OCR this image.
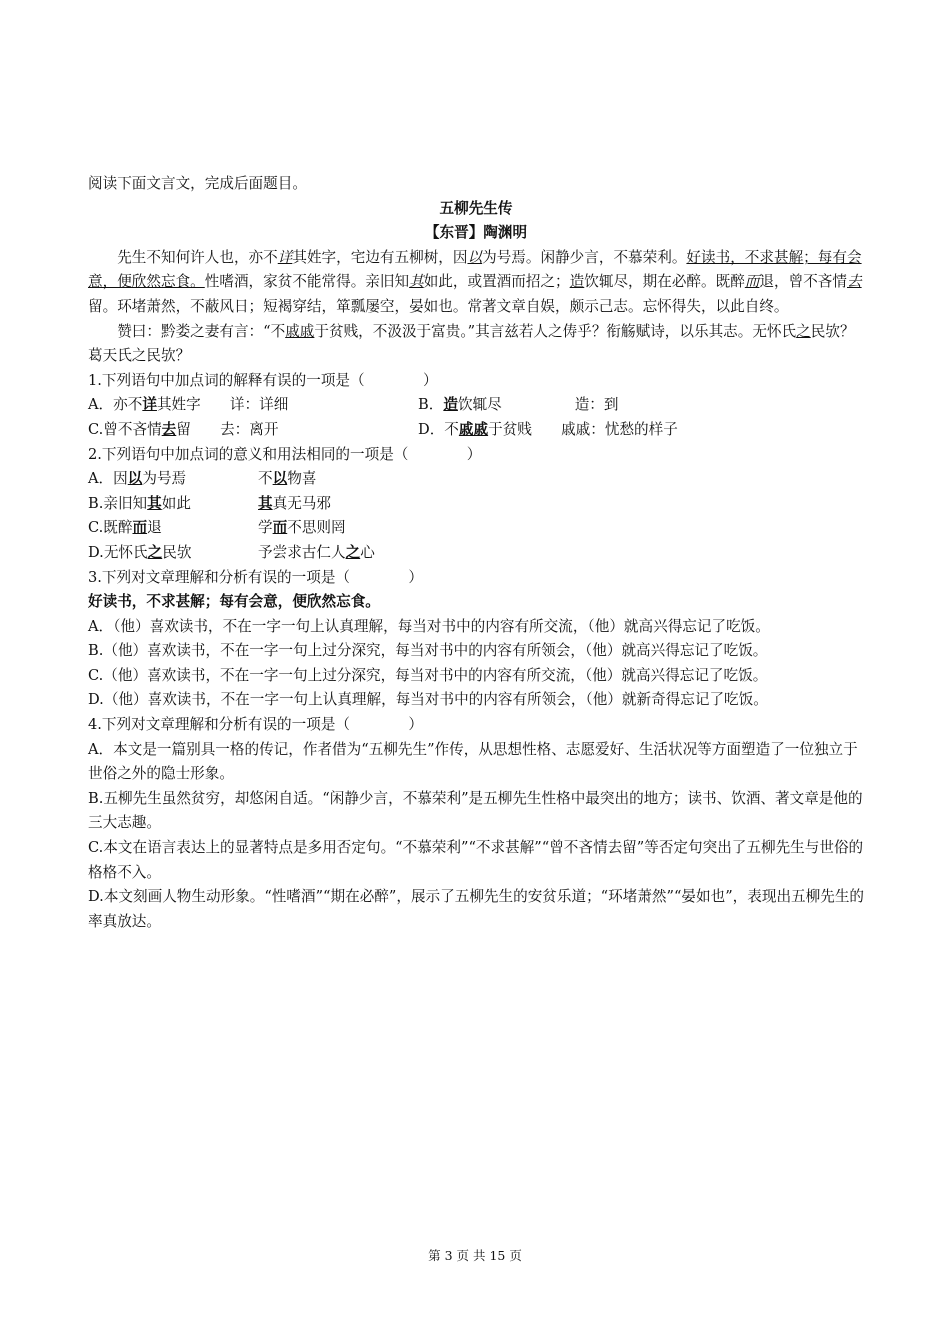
阅读下面文言文，完成后面题目。

五柳先生传

【东晋】陶渊明

先生不知何许人也，亦不详其姓字，宅边有五柳树，因以为号焉。闲静少言，不慕荣利。好读书，不求甚解；每有会意，便欣然忘食。性嗜酒，家贫不能常得。亲旧知其如此，或置酒而招之；造饮辄尽，期在必醉。既醉而退，曾不吝情去留。环堵萧然，不蔽风日；短褐穿结，箪瓢屡空，晏如也。常著文章自娱，颇示己志。忘怀得失，以此自终。

赞曰：黔娄之妻有言：“不戚戚于贫贱，不汲汲于富贵。”其言兹若人之俦乎？衔觞赋诗，以乐其志。无怀氏之民欤？葛天氏之民欤？

1.下列语句中加点词的解释有误的一项是（　　　　）

A．亦不详其姓字　　详：详细	B．造饮辄尽　　　　　造：到

C.曾不吝情去留　　去：离开	D．不戚戚于贫贱　　戚戚：忧愁的样子

2.下列语句中加点词的意义和用法相同的一项是（　　　　）

A．因以为号焉	不以物喜

B.亲旧知其如此	其真无马邪

C.既醉而退	学而不思则罔

D.无怀氏之民欤	予尝求古仁人之心

3.下列对文章理解和分析有误的一项是（　　　　）

好读书，不求甚解；每有会意，便欣然忘食。

A．（他）喜欢读书，不在一字一句上认真理解，每当对书中的内容有所交流，（他）就高兴得忘记了吃饭。

B.（他）喜欢读书，不在一字一句上过分深究，每当对书中的内容有所领会，（他）就高兴得忘记了吃饭。

C.（他）喜欢读书，不在一字一句上过分深究，每当对书中的内容有所交流，（他）就高兴得忘记了吃饭。

D.（他）喜欢读书，不在一字一句上认真理解，每当对书中的内容有所领会，（他）就新奇得忘记了吃饭。

4.下列对文章理解和分析有误的一项是（　　　　）

A．本文是一篇别具一格的传记，作者借为“五柳先生”作传，从思想性格、志愿爱好、生活状况等方面塑造了一位独立于世俗之外的隐士形象。

B.五柳先生虽然贫穷，却悠闲自适。“闲静少言，不慕荣利”是五柳先生性格中最突出的地方；读书、饮酒、著文章是他的三大志趣。

C.本文在语言表达上的显著特点是多用否定句。“不慕荣利”“不求甚解”“曾不吝情去留”等否定句突出了五柳先生与世俗的格格不入。

D.本文刻画人物生动形象。“性嗜酒”“期在必醉”，展示了五柳先生的安贫乐道；“环堵萧然”“晏如也”，表现出五柳先生的率真放达。

第 3 页 共 15 页
